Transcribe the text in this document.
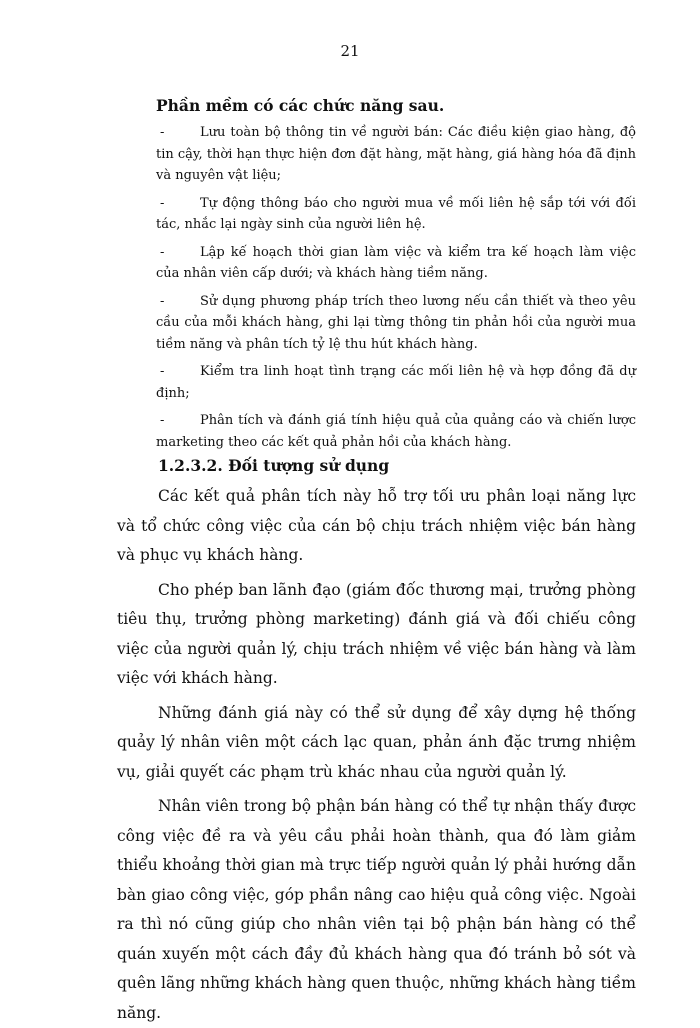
21
Phần mềm có các chức năng sau.
-	Lưu toàn bộ thông tin về người bán: Các điều kiện giao hàng, độ tin cậy, thời hạn thực hiện đơn đặt hàng, mặt hàng, giá hàng hóa đã định và nguyên vật liệu;
-	Tự động thông báo cho người mua về mối liên hệ sắp tới với đối tác, nhắc lại ngày sinh của người liên hệ.
-	Lập kế hoạch thời gian làm việc và kiểm tra kế hoạch làm việc của nhân viên cấp dưới; và khách hàng tiềm năng.
-	Sử dụng phương pháp trích theo lương nếu cần thiết và theo yêu cầu của mỗi khách hàng, ghi lại từng thông tin phản hồi của người mua tiềm năng và phân tích tỷ lệ thu hút khách hàng.
-	Kiểm tra linh hoạt tình trạng các mối liên hệ và hợp đồng đã dự định;
-	Phân tích và đánh giá tính hiệu quả của quảng cáo và chiến lược marketing theo các kết quả phản hồi của khách hàng.
1.2.3.2. Đối tượng sử dụng

Các kết quả phân tích này hỗ trợ tối ưu phân loại năng lực và tổ chức công việc của cán bộ chịu trách nhiệm việc bán hàng và phục vụ khách hàng.

Cho phép ban lãnh đạo (giám đốc thương mại, trưởng phòng tiêu thụ, trưởng phòng marketing) đánh giá và đối chiếu công việc của người quản lý, chịu trách nhiệm về việc bán hàng và làm việc với khách hàng.

Những đánh giá này có thể sử dụng để xây dựng hệ thống quảy lý nhân viên một cách lạc quan, phản ánh đặc trưng nhiệm vụ, giải quyết các phạm trù khác nhau của người quản lý.

Nhân viên trong bộ phận bán hàng có thể tự nhận thấy được công việc đề ra và yêu cầu phải hoàn thành, qua đó làm giảm thiểu khoảng thời gian mà trực tiếp người quản lý phải hướng dẫn bàn giao công việc, góp phần nâng cao hiệu quả công việc. Ngoài ra thì nó cũng giúp cho nhân viên tại bộ phận bán hàng có thể quán xuyến một cách đầy đủ khách hàng qua đó tránh bỏ sót và quên lãng những khách hàng quen thuộc, những khách hàng tiềm năng.
